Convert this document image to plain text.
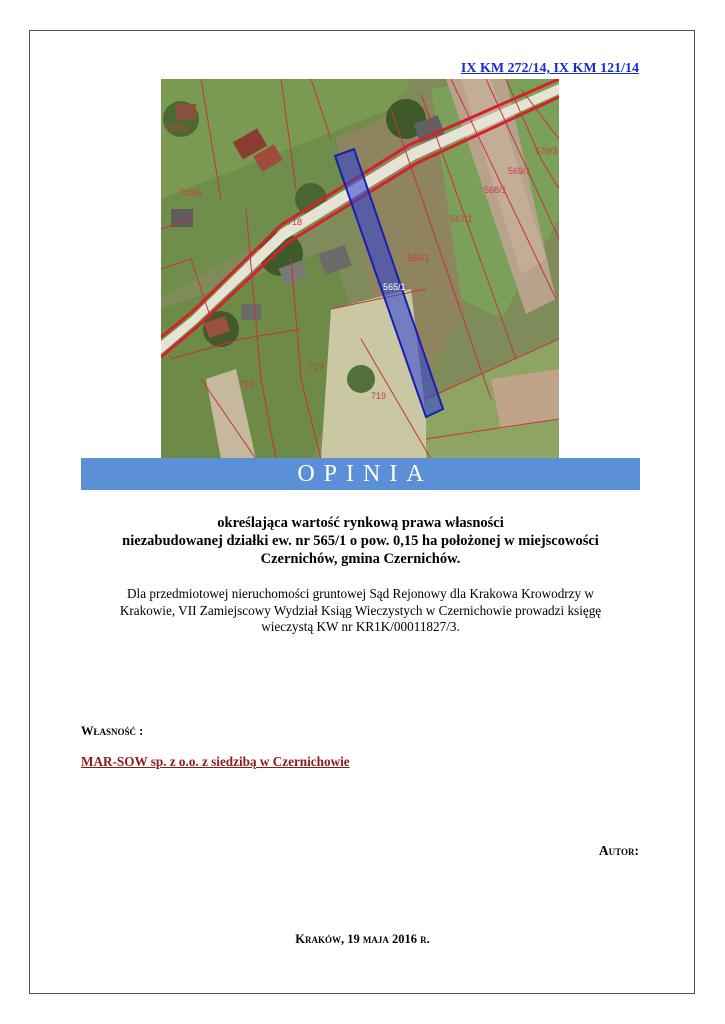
IX KM 272/14, IX KM 121/14
710/5
710/6
718
565/1
566/1
567/1
568/1
569/1
570/3
716
717
719
OPINIA
określająca wartość rynkową prawa własności
niezabudowanej działki ew. nr 565/1 o pow. 0,15 ha położonej w miejscowości
Czernichów, gmina Czernichów.
Dla przedmiotowej nieruchomości gruntowej Sąd Rejonowy dla Krakowa Krowodrzy w
Krakowie, VII Zamiejscowy Wydział Ksiąg Wieczystych w Czernichowie prowadzi księgę
wieczystą KW nr KR1K/00011827/3.
Własność :
MAR-SOW sp. z o.o. z siedzibą w Czernichowie
Autor:
Kraków, 19 maja 2016 r.
